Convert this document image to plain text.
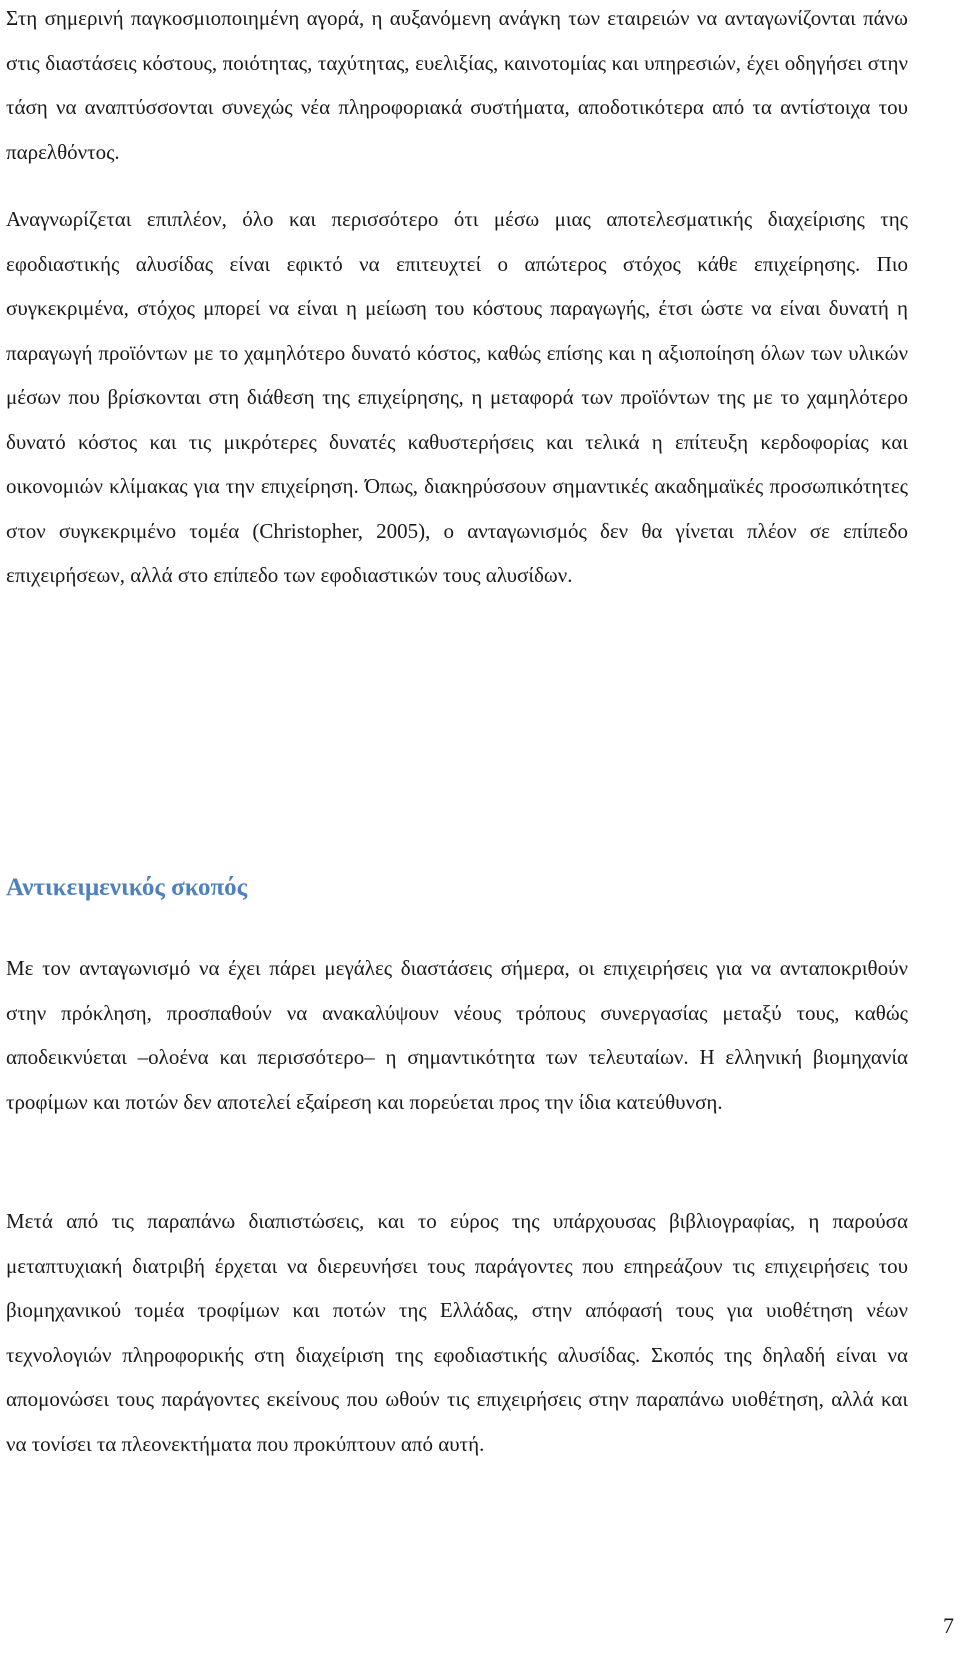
Στη σημερινή παγκοσμιοποιημένη αγορά, η αυξανόμενη ανάγκη των εταιρειών να ανταγωνίζονται πάνω στις διαστάσεις κόστους, ποιότητας, ταχύτητας, ευελιξίας, καινοτομίας και υπηρεσιών, έχει οδηγήσει στην τάση να αναπτύσσονται συνεχώς νέα πληροφοριακά συστήματα, αποδοτικότερα από τα αντίστοιχα του παρελθόντος.

Αναγνωρίζεται επιπλέον, όλο και περισσότερο ότι μέσω μιας αποτελεσματικής διαχείρισης της εφοδιαστικής αλυσίδας είναι εφικτό να επιτευχτεί ο απώτερος στόχος κάθε επιχείρησης. Πιο συγκεκριμένα, στόχος μπορεί να είναι η μείωση του κόστους παραγωγής, έτσι ώστε να είναι δυνατή η παραγωγή προϊόντων με το χαμηλότερο δυνατό κόστος, καθώς επίσης και η αξιοποίηση όλων των υλικών μέσων που βρίσκονται στη διάθεση της επιχείρησης, η μεταφορά των προϊόντων της με το χαμηλότερο δυνατό κόστος και τις μικρότερες δυνατές καθυστερήσεις και τελικά η επίτευξη κερδοφορίας και οικονομιών κλίμακας για την επιχείρηση. Όπως, διακηρύσσουν σημαντικές ακαδημαϊκές προσωπικότητες στον συγκεκριμένο τομέα (Christopher, 2005), ο ανταγωνισμός δεν θα γίνεται πλέον σε επίπεδο επιχειρήσεων, αλλά στο επίπεδο των εφοδιαστικών τους αλυσίδων.

Αντικειμενικός σκοπός

Με τον ανταγωνισμό να έχει πάρει μεγάλες διαστάσεις σήμερα, οι επιχειρήσεις για να ανταποκριθούν στην πρόκληση, προσπαθούν να ανακαλύψουν νέους τρόπους συνεργασίας μεταξύ τους, καθώς αποδεικνύεται –ολοένα και περισσότερο– η σημαντικότητα των τελευταίων. Η ελληνική βιομηχανία τροφίμων και ποτών δεν αποτελεί εξαίρεση και πορεύεται προς την ίδια κατεύθυνση.

Μετά από τις παραπάνω διαπιστώσεις, και το εύρος της υπάρχουσας βιβλιογραφίας, η παρούσα μεταπτυχιακή διατριβή έρχεται να διερευνήσει τους παράγοντες που επηρεάζουν τις επιχειρήσεις του βιομηχανικού τομέα τροφίμων και ποτών της Ελλάδας, στην απόφασή τους για υιοθέτηση νέων τεχνολογιών πληροφορικής στη διαχείριση της εφοδιαστικής αλυσίδας. Σκοπός της δηλαδή είναι να απομονώσει τους παράγοντες εκείνους που ωθούν τις επιχειρήσεις στην παραπάνω υιοθέτηση, αλλά και να τονίσει τα πλεονεκτήματα που προκύπτουν από αυτή.

7
